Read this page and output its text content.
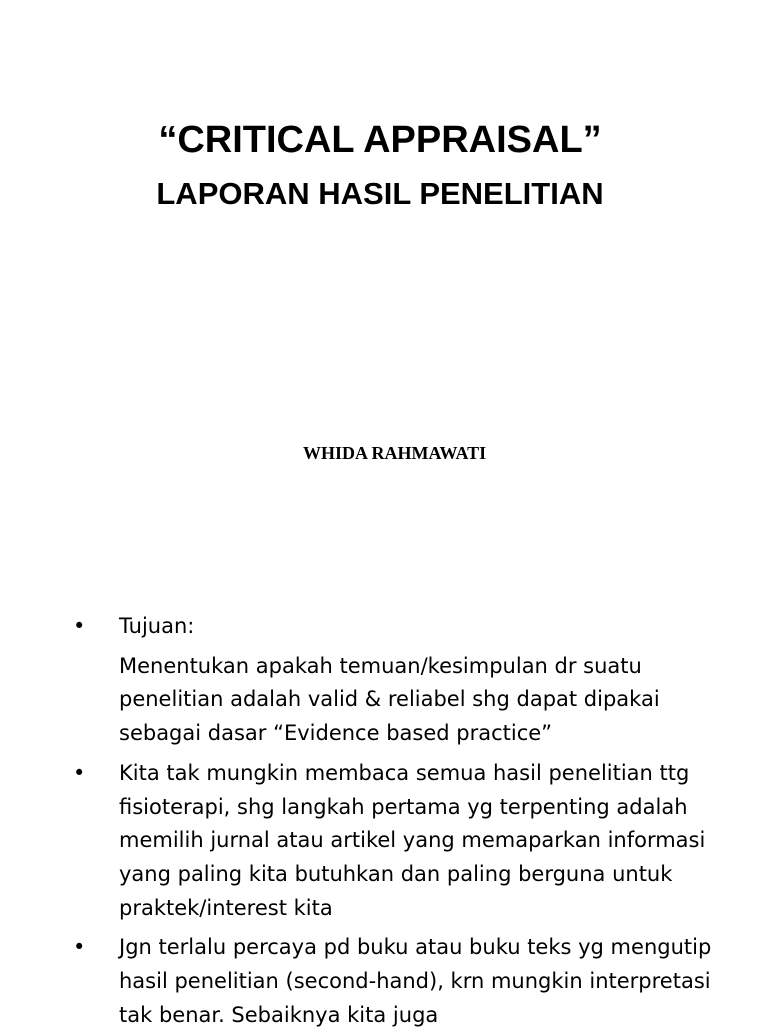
“CRITICAL APPRAISAL”
LAPORAN HASIL PENELITIAN
WHIDA RAHMAWATI
• Tujuan:
Menentukan apakah temuan/kesimpulan dr suatu penelitian adalah valid & reliabel shg dapat dipakai sebagai dasar “Evidence based practice”
• Kita tak mungkin membaca semua hasil penelitian ttg fisioterapi, shg langkah pertama yg terpenting adalah memilih jurnal atau artikel yang memaparkan informasi yang paling kita butuhkan dan paling berguna untuk praktek/interest kita
• Jgn terlalu percaya pd buku atau buku teks yg mengutip hasil penelitian (second-hand), krn mungkin interpretasi tak benar. Sebaiknya kita juga
